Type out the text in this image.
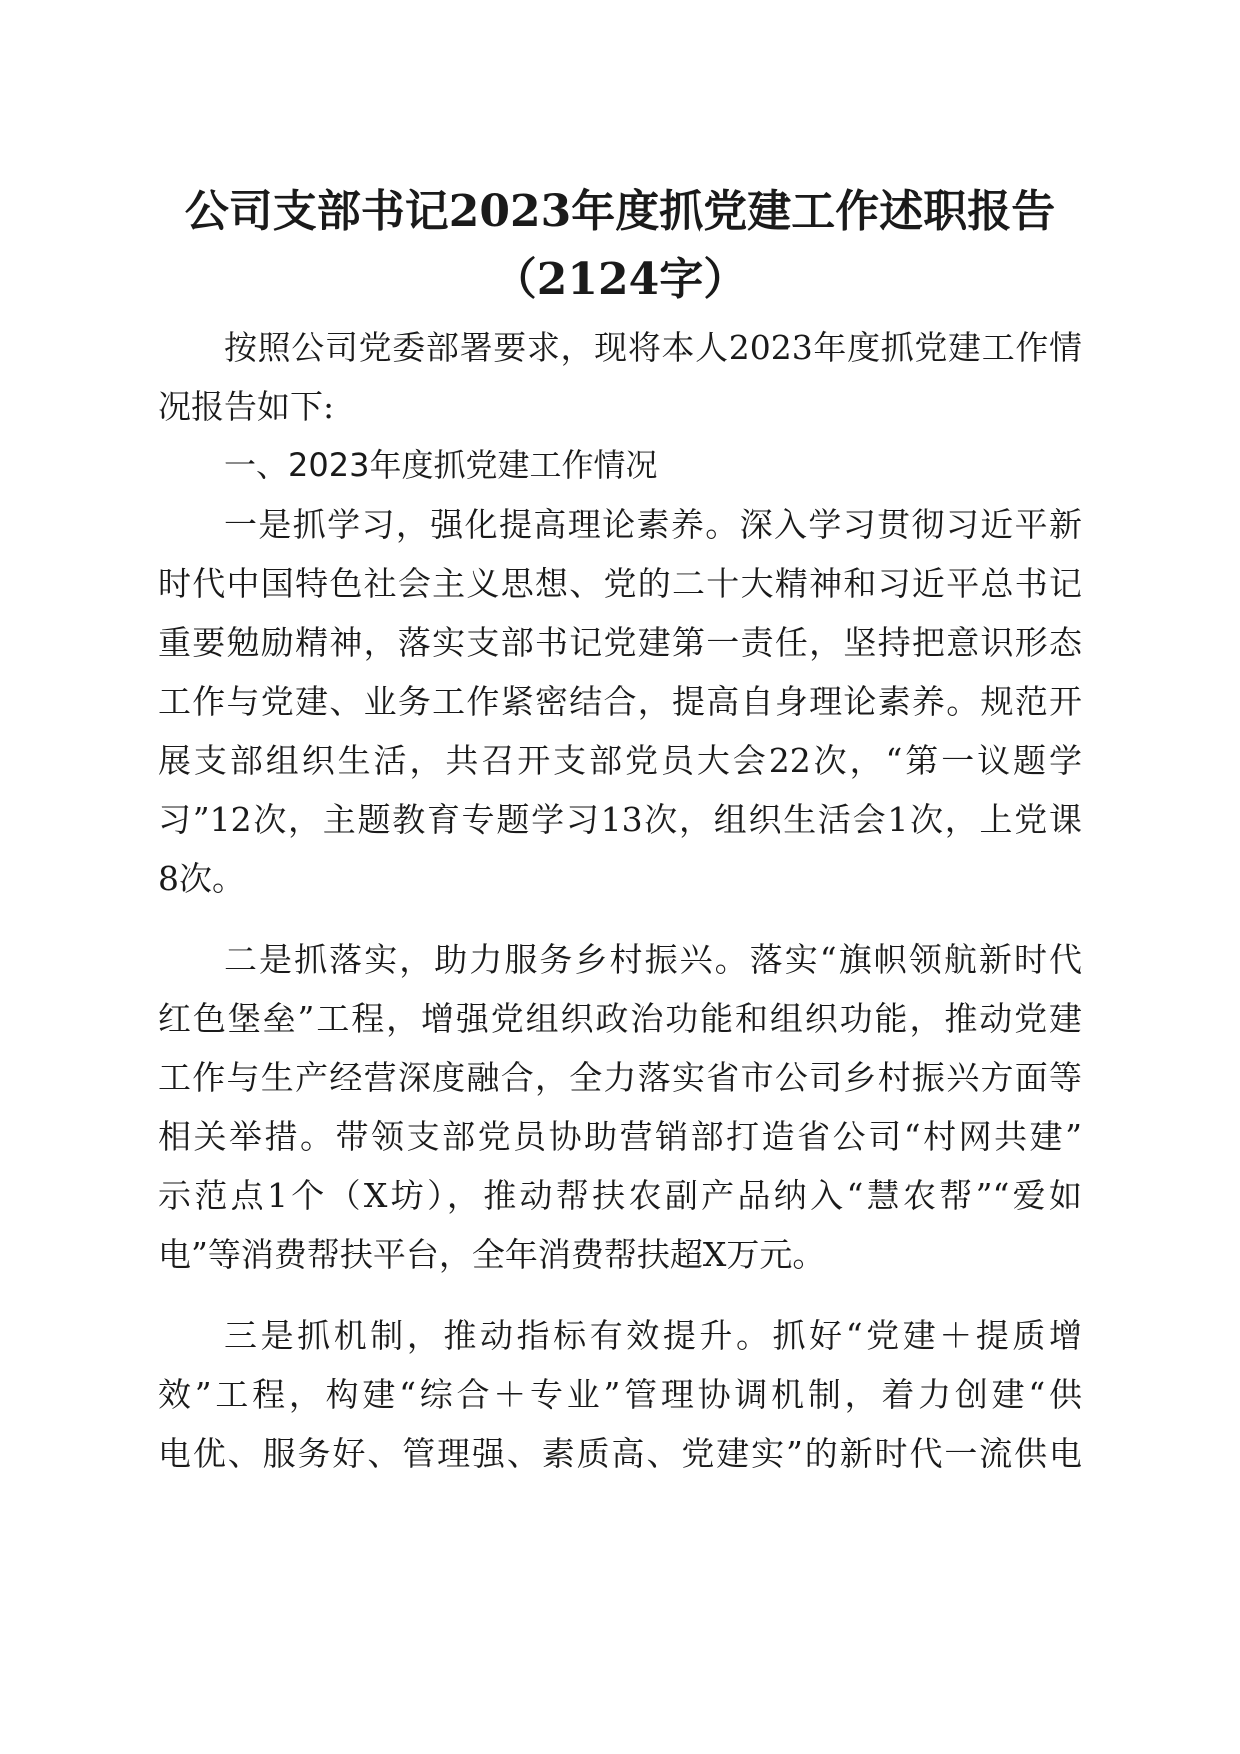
公司支部书记2023年度抓党建工作述职报告
（2124字）
按照公司党委部署要求，现将本人2023年度抓党建工作情
况报告如下:
一、2023年度抓党建工作情况
一是抓学习，强化提高理论素养。深入学习贯彻习近平新
时代中国特色社会主义思想、党的二十大精神和习近平总书记
重要勉励精神，落实支部书记党建第一责任，坚持把意识形态
工作与党建、业务工作紧密结合，提高自身理论素养。规范开
展支部组织生活，共召开支部党员大会22次，“第一议题学
习”12次，主题教育专题学习13次，组织生活会1次，上党课
8次。
二是抓落实，助力服务乡村振兴。落实“旗帜领航新时代
红色堡垒”工程，增强党组织政治功能和组织功能，推动党建
工作与生产经营深度融合，全力落实省市公司乡村振兴方面等
相关举措。带领支部党员协助营销部打造省公司“村网共建”
示范点1个（X坊），推动帮扶农副产品纳入“慧农帮”“爱如
电”等消费帮扶平台，全年消费帮扶超X万元。
三是抓机制，推动指标有效提升。抓好“党建＋提质增
效”工程，构建“综合＋专业”管理协调机制，着力创建“供
电优、服务好、管理强、素质高、党建实”的新时代一流供电
